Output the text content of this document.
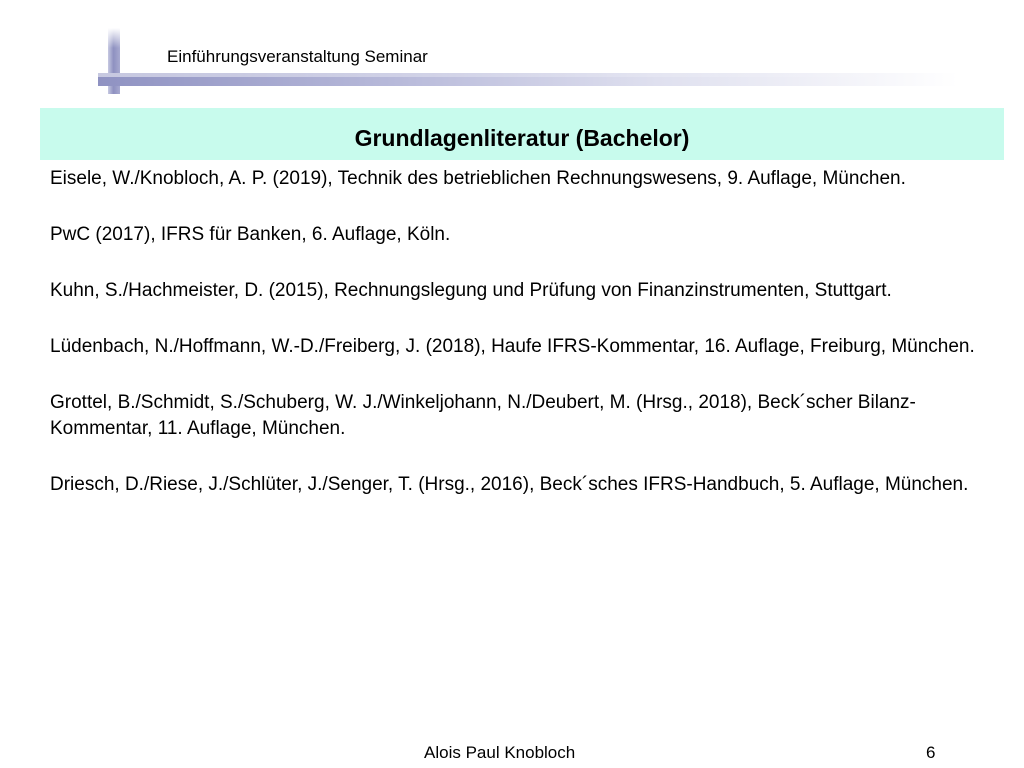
Einführungsveranstaltung Seminar
Grundlagenliteratur (Bachelor)

Eisele, W./Knobloch, A. P. (2019), Technik des betrieblichen Rechnungswesens, 9. Auflage, München.

PwC (2017), IFRS für Banken, 6. Auflage, Köln.

Kuhn, S./Hachmeister, D. (2015), Rechnungslegung und Prüfung von Finanzinstrumenten, Stuttgart.

Lüdenbach, N./Hoffmann, W.-D./Freiberg, J. (2018), Haufe IFRS-Kommentar, 16. Auflage, Freiburg, München.

Grottel, B./Schmidt, S./Schuberg, W. J./Winkeljohann, N./Deubert, M. (Hrsg., 2018), Beck´scher Bilanz-Kommentar, 11. Auflage, München.

Driesch, D./Riese, J./Schlüter, J./Senger, T. (Hrsg., 2016), Beck´sches IFRS-Handbuch, 5. Auflage, München.

Alois Paul Knobloch	6
